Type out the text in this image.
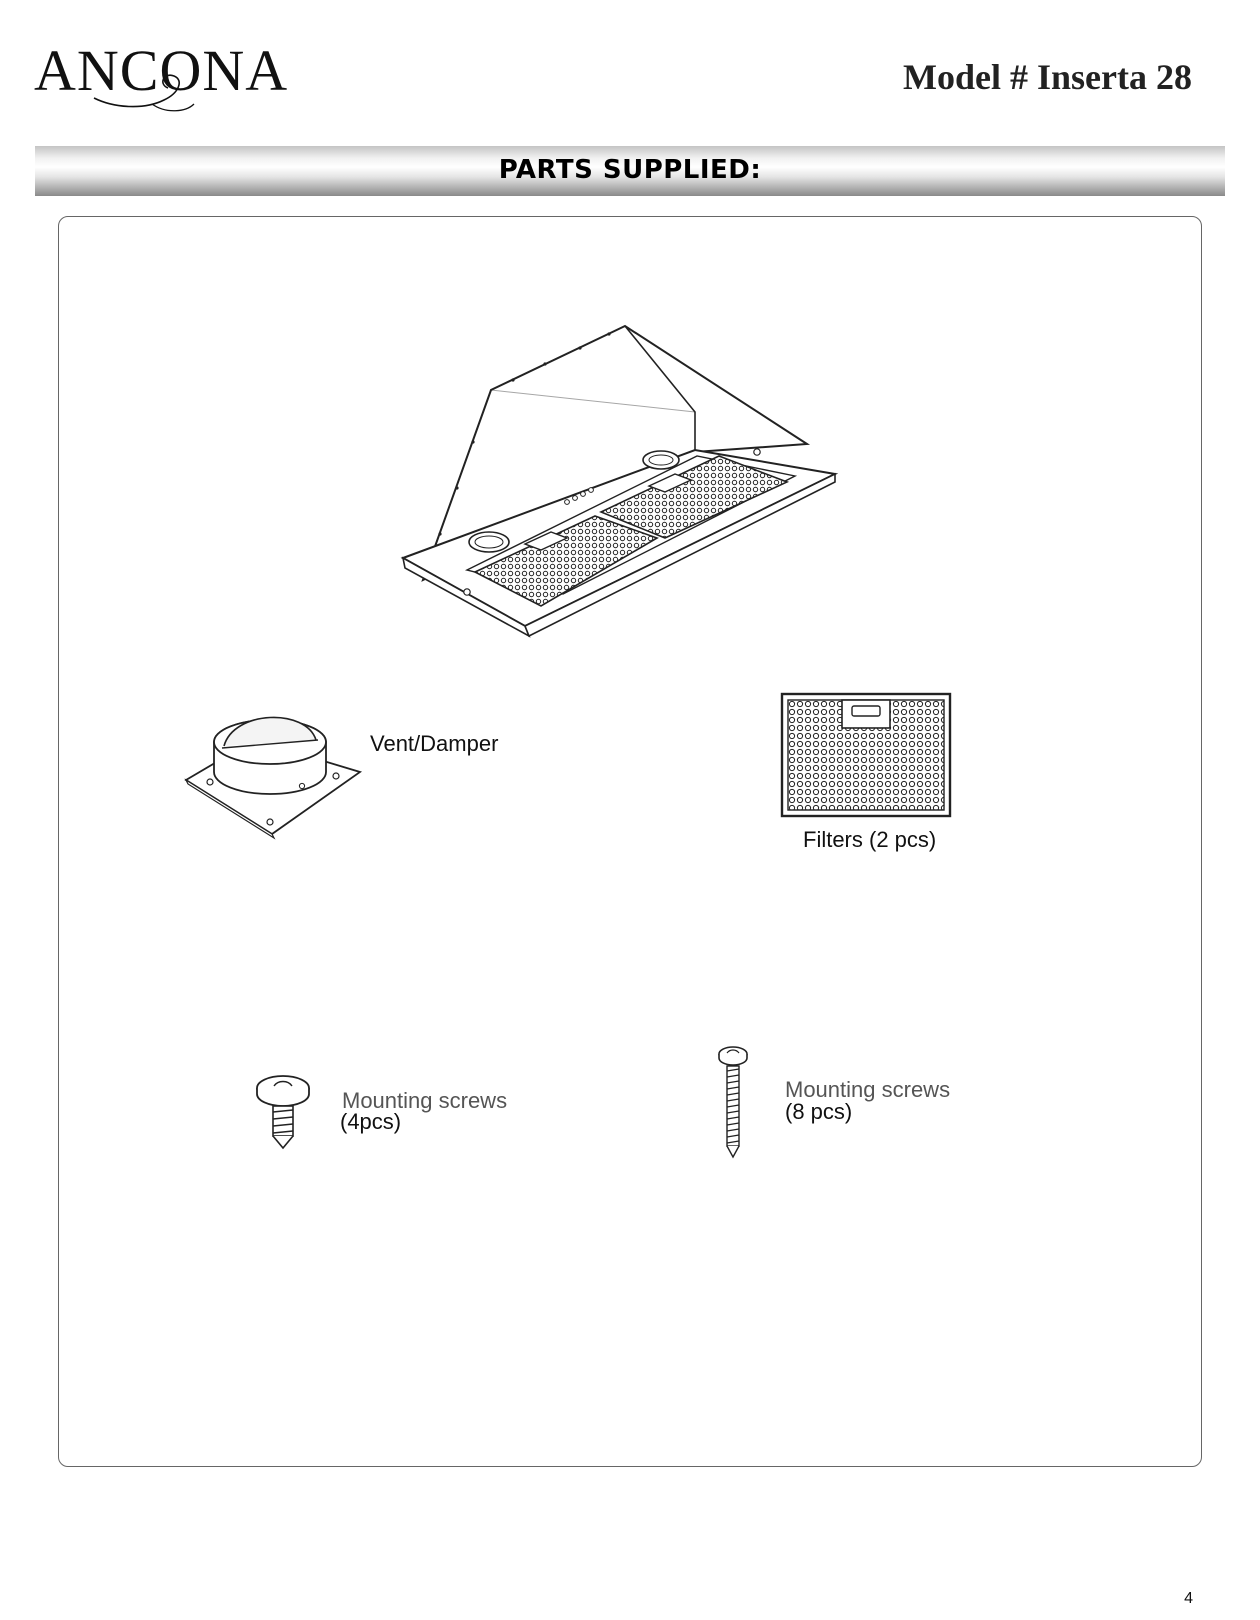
ANCONA	Model # Inserta 28
PARTS SUPPLIED:
Vent/Damper
Filters (2 pcs)
Mounting screws
(4pcs)
Mounting screws
(8 pcs)
4
